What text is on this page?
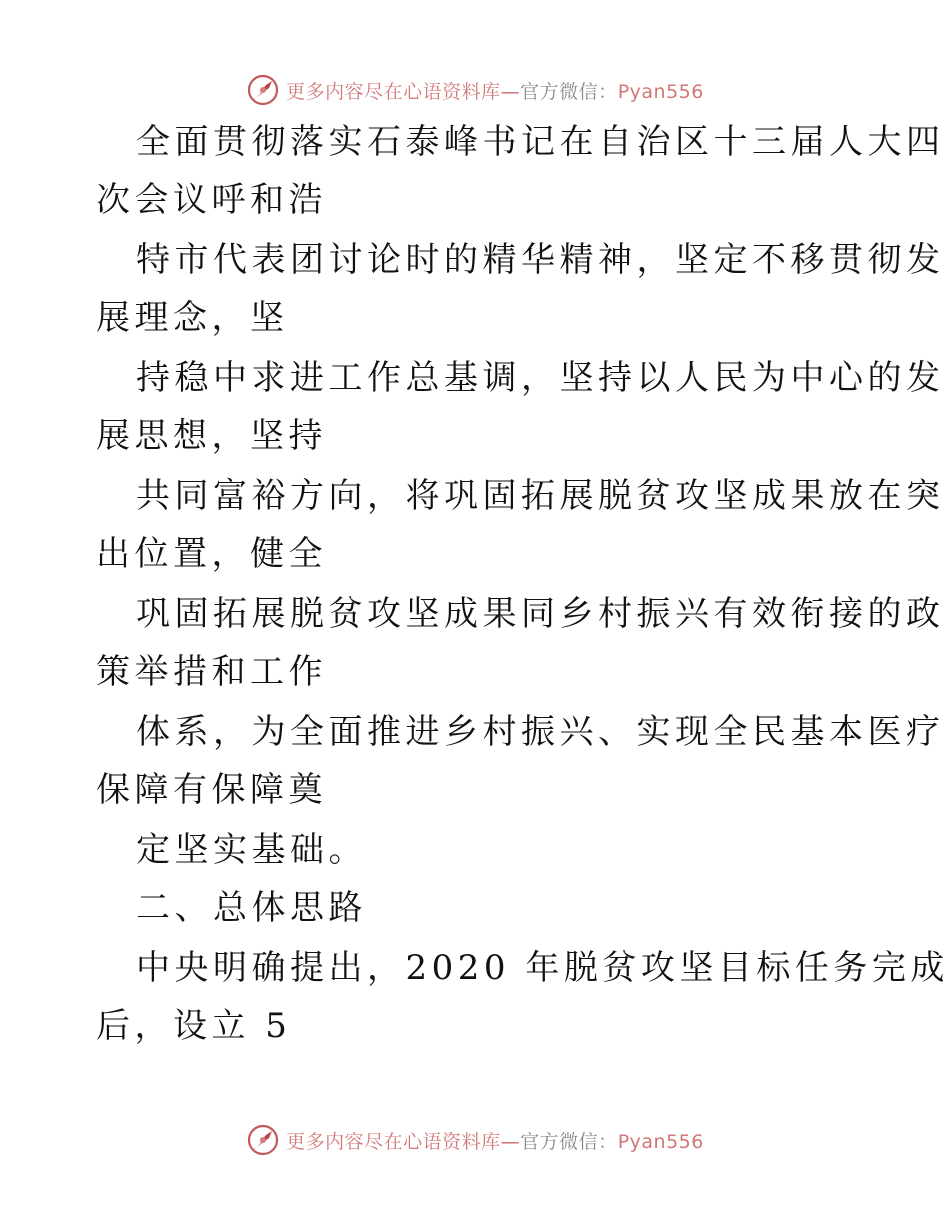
更多内容尽在心语资料库—官方微信：Pyan556
全面贯彻落实石泰峰书记在自治区十三届人大四
次会议呼和浩
特市代表团讨论时的精华精神，坚定不移贯彻发
展理念，坚
持稳中求进工作总基调，坚持以人民为中心的发
展思想，坚持
共同富裕方向，将巩固拓展脱贫攻坚成果放在突
出位置，健全
巩固拓展脱贫攻坚成果同乡村振兴有效衔接的政
策举措和工作
体系，为全面推进乡村振兴、实现全民基本医疗
保障有保障奠
定坚实基础。
二、总体思路
中央明确提出，2020 年脱贫攻坚目标任务完成
后，设立 5
更多内容尽在心语资料库—官方微信：Pyan556
